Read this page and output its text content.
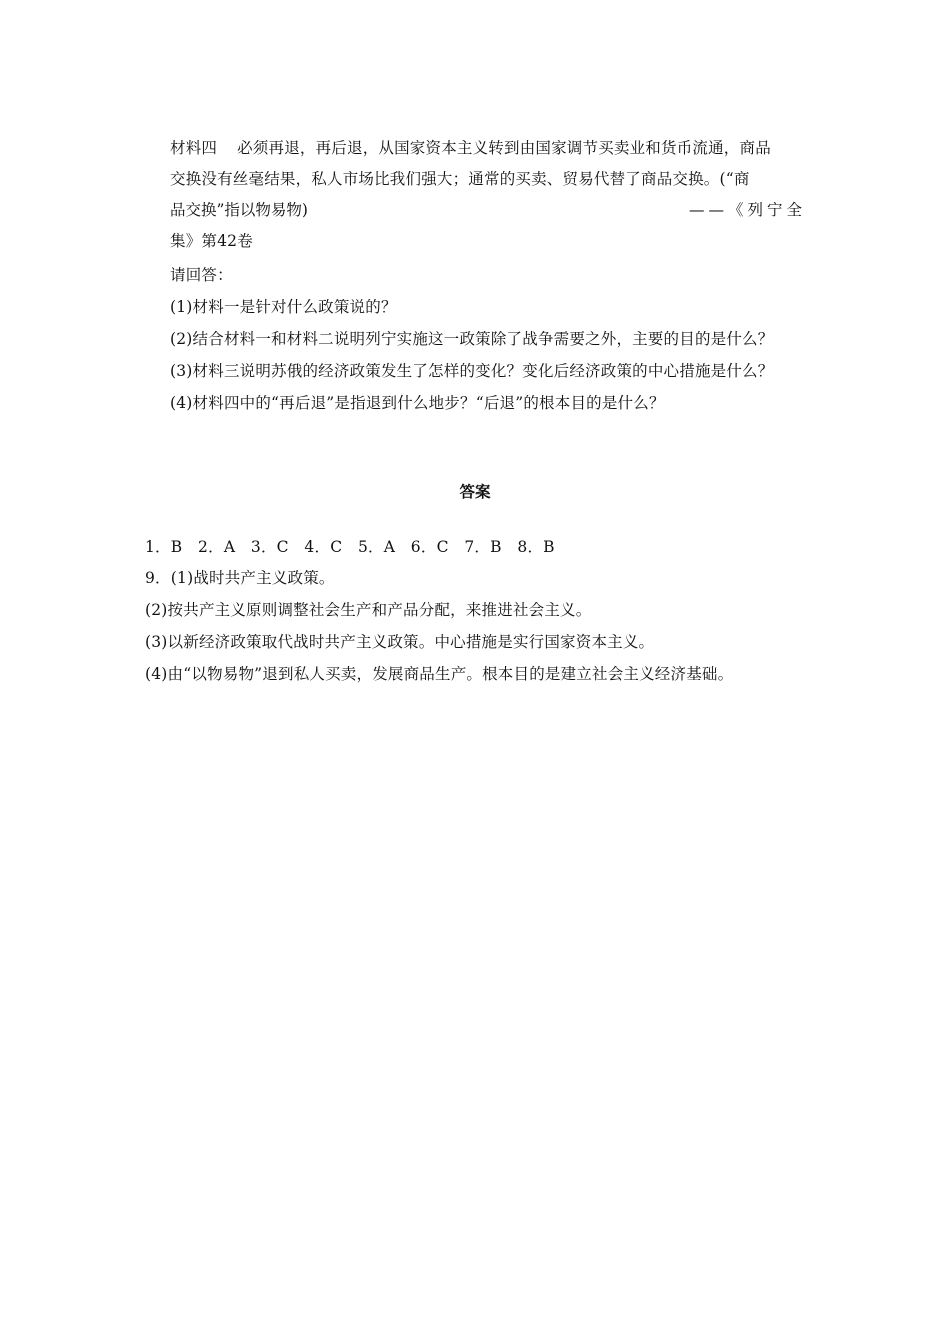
材料四 必须再退，再后退，从国家资本主义转到由国家调节买卖业和货币流通，商品
交换没有丝毫结果，私人市场比我们强大；通常的买卖、贸易代替了商品交换。(“商
品交换”指以物易物)	——《列宁全
集》第42卷
请回答：
(1)材料一是针对什么政策说的？
(2)结合材料一和材料二说明列宁实施这一政策除了战争需要之外，主要的目的是什么？
(3)材料三说明苏俄的经济政策发生了怎样的变化？变化后经济政策的中心措施是什么？
(4)材料四中的“再后退”是指退到什么地步？“后退”的根本目的是什么？
答案
1．B　2．A　3．C　4．C　5．A　6．C　7．B　8．B
9．(1)战时共产主义政策。
(2)按共产主义原则调整社会生产和产品分配，来推进社会主义。
(3)以新经济政策取代战时共产主义政策。中心措施是实行国家资本主义。
(4)由“以物易物”退到私人买卖，发展商品生产。根本目的是建立社会主义经济基础。
